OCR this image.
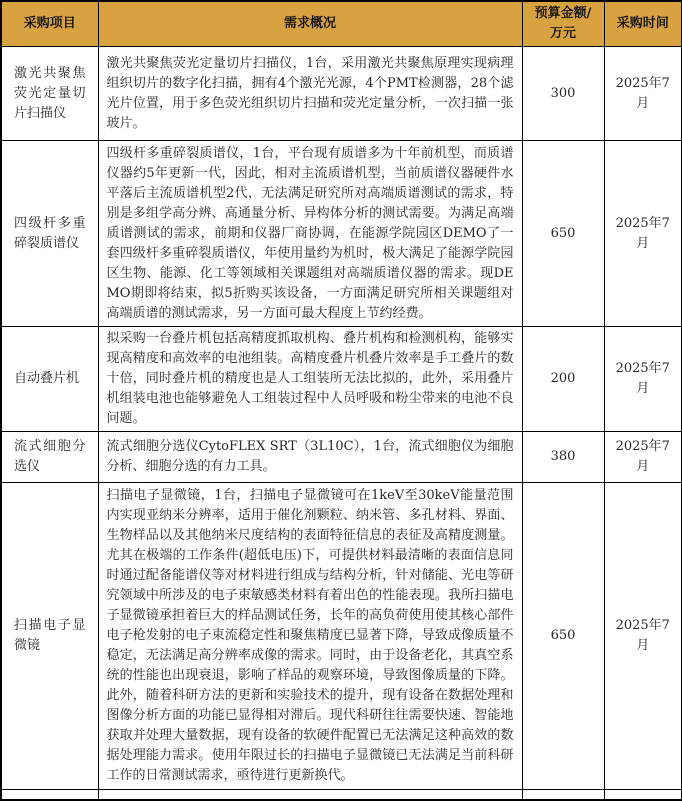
采购项目	需求概况	预算金额/万元	采购时间
激光共聚焦荧光定量切片扫描仪	激光共聚焦荧光定量切片扫描仪，1台，采用激光共聚焦原理实现病理组织切片的数字化扫描，拥有4个激光光源，4个PMT检测器，28个滤光片位置，用于多色荧光组织切片扫描和荧光定量分析，一次扫描一张玻片。	300	2025年7月
四级杆多重碎裂质谱仪	四级杆多重碎裂质谱仪，1台，平台现有质谱多为十年前机型，而质谱仪器约5年更新一代，因此，相对主流质谱机型，当前质谱仪器硬件水平落后主流质谱机型2代，无法满足研究所对高端质谱测试的需求，特别是多组学高分辨、高通量分析、异构体分析的测试需要。为满足高端质谱测试的需求，前期和仪器厂商协调，在能源学院园区DEMO了一套四级杆多重碎裂质谱仪，年使用量约为机时，极大满足了能源学院园区生物、能源、化工等领域相关课题组对高端质谱仪器的需求。现DEMO期即将结束，拟5折购买该设备，一方面满足研究所相关课题组对高端质谱的测试需求，另一方面可最大程度上节约经费。	650	2025年7月
自动叠片机	拟采购一台叠片机包括高精度抓取机构、叠片机构和检测机构，能够实现高精度和高效率的电池组装。高精度叠片机叠片效率是手工叠片的数十倍，同时叠片机的精度也是人工组装所无法比拟的，此外，采用叠片机组装电池也能够避免人工组装过程中人员呼吸和粉尘带来的电池不良问题。	200	2025年7月
流式细胞分选仪	流式细胞分选仪CytoFLEX SRT（3L10C），1台，流式细胞仪为细胞分析、细胞分选的有力工具。	380	2025年7月
扫描电子显微镜	扫描电子显微镜，1台，扫描电子显微镜可在1keV至30keV能量范围内实现亚纳米分辨率，适用于催化剂颗粒、纳米管、多孔材料、界面、生物样品以及其他纳米尺度结构的表面特征信息的表征及高精度测量。尤其在极端的工作条件(超低电压)下，可提供材料最清晰的表面信息同时通过配备能谱仪等对材料进行组成与结构分析，针对储能、光电等研究领域中所涉及的电子束敏感类材料有着出色的性能表现。我所扫描电子显微镜承担着巨大的样品测试任务，长年的高负荷使用使其核心部件电子枪发射的电子束流稳定性和聚焦精度已显著下降，导致成像质量不稳定，无法满足高分辨率成像的需求。同时，由于设备老化，其真空系统的性能也出现衰退，影响了样品的观察环境，导致图像质量的下降。此外，随着科研方法的更新和实验技术的提升，现有设备在数据处理和图像分析方面的功能已显得相对滞后。现代科研往往需要快速、智能地获取并处理大量数据，现有设备的软硬件配置已无法满足这种高效的数据处理能力需求。使用年限过长的扫描电子显微镜已无法满足当前科研工作的日常测试需求，亟待进行更新换代。	650	2025年7月
